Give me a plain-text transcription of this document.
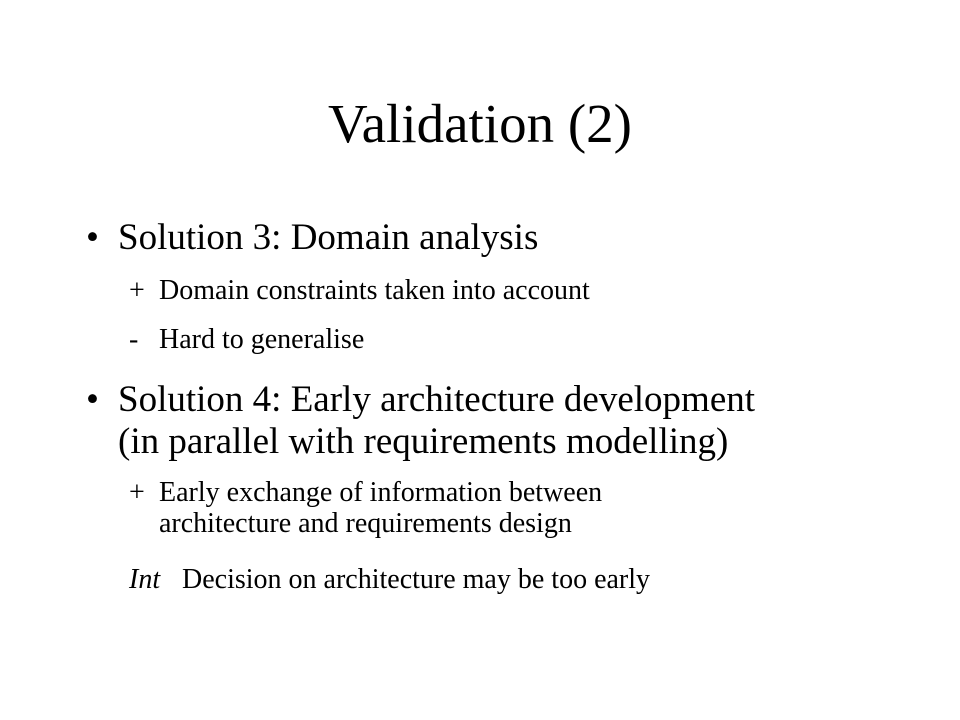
Validation (2)
• Solution 3: Domain analysis
+ Domain constraints taken into account
- Hard to generalise
• Solution 4: Early architecture development
(in parallel with requirements modelling)
+ Early exchange of information between
architecture and requirements design
Int Decision on architecture may be too early
